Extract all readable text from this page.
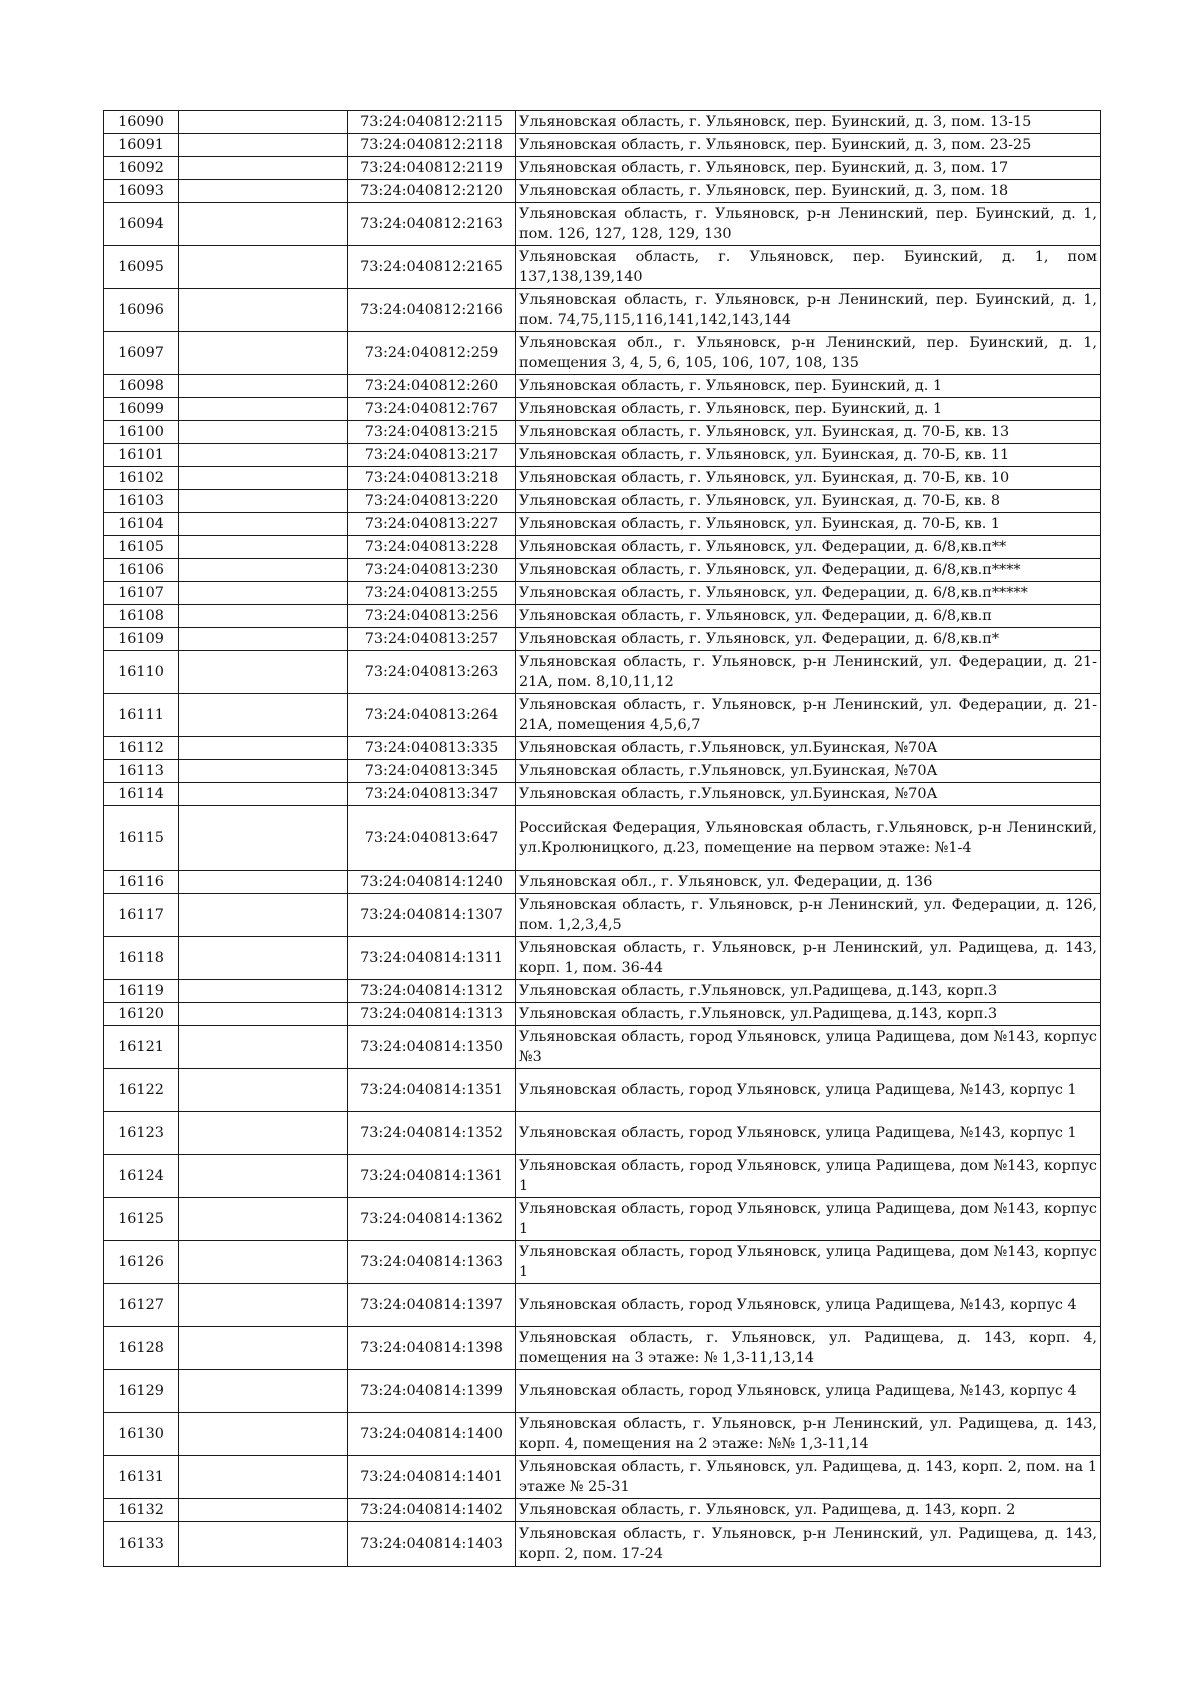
16090		73:24:040812:2115	Ульяновская область, г. Ульяновск, пер. Буинский, д. 3, пом. 13-15
16091		73:24:040812:2118	Ульяновская область, г. Ульяновск, пер. Буинский, д. 3, пом. 23-25
16092		73:24:040812:2119	Ульяновская область, г. Ульяновск, пер. Буинский, д. 3, пом. 17
16093		73:24:040812:2120	Ульяновская область, г. Ульяновск, пер. Буинский, д. 3, пом. 18
16094		73:24:040812:2163	Ульяновская область, г. Ульяновск, р-н Ленинский, пер. Буинский, д. 1, пом. 126, 127, 128, 129, 130
16095		73:24:040812:2165	Ульяновская область, г. Ульяновск, пер. Буинский, д. 1, пом 137,138,139,140
16096		73:24:040812:2166	Ульяновская область, г. Ульяновск, р-н Ленинский, пер. Буинский, д. 1, пом. 74,75,115,116,141,142,143,144
16097		73:24:040812:259	Ульяновская обл., г. Ульяновск, р-н Ленинский, пер. Буинский, д. 1, помещения 3, 4, 5, 6, 105, 106, 107, 108, 135
16098		73:24:040812:260	Ульяновская область, г. Ульяновск, пер. Буинский, д. 1
16099		73:24:040812:767	Ульяновская область, г. Ульяновск, пер. Буинский, д. 1
16100		73:24:040813:215	Ульяновская область, г. Ульяновск, ул. Буинская, д. 70-Б, кв. 13
16101		73:24:040813:217	Ульяновская область, г. Ульяновск, ул. Буинская, д. 70-Б, кв. 11
16102		73:24:040813:218	Ульяновская область, г. Ульяновск, ул. Буинская, д. 70-Б, кв. 10
16103		73:24:040813:220	Ульяновская область, г. Ульяновск, ул. Буинская, д. 70-Б, кв. 8
16104		73:24:040813:227	Ульяновская область, г. Ульяновск, ул. Буинская, д. 70-Б, кв. 1
16105		73:24:040813:228	Ульяновская область, г. Ульяновск, ул. Федерации, д. 6/8,кв.п**
16106		73:24:040813:230	Ульяновская область, г. Ульяновск, ул. Федерации, д. 6/8,кв.п****
16107		73:24:040813:255	Ульяновская область, г. Ульяновск, ул. Федерации, д. 6/8,кв.п*****
16108		73:24:040813:256	Ульяновская область, г. Ульяновск, ул. Федерации, д. 6/8,кв.п
16109		73:24:040813:257	Ульяновская область, г. Ульяновск, ул. Федерации, д. 6/8,кв.п*
16110		73:24:040813:263	Ульяновская область, г. Ульяновск, р-н Ленинский, ул. Федерации, д. 21-21А, пом. 8,10,11,12
16111		73:24:040813:264	Ульяновская область, г. Ульяновск, р-н Ленинский, ул. Федерации, д. 21-21А, помещения 4,5,6,7
16112		73:24:040813:335	Ульяновская область, г.Ульяновск, ул.Буинская, №70А
16113		73:24:040813:345	Ульяновская область, г.Ульяновск, ул.Буинская, №70А
16114		73:24:040813:347	Ульяновская область, г.Ульяновск, ул.Буинская, №70А
16115		73:24:040813:647	Российская Федерация, Ульяновская область, г.Ульяновск, р-н Ленинский, ул.Кролюницкого, д.23, помещение на первом этаже: №1-4
16116		73:24:040814:1240	Ульяновская обл., г. Ульяновск, ул. Федерации, д. 136
16117		73:24:040814:1307	Ульяновская область, г. Ульяновск, р-н Ленинский, ул. Федерации, д. 126, пом. 1,2,3,4,5
16118		73:24:040814:1311	Ульяновская область, г. Ульяновск, р-н Ленинский, ул. Радищева, д. 143, корп. 1, пом. 36-44
16119		73:24:040814:1312	Ульяновская область, г.Ульяновск, ул.Радищева, д.143, корп.3
16120		73:24:040814:1313	Ульяновская область, г.Ульяновск, ул.Радищева, д.143, корп.3
16121		73:24:040814:1350	Ульяновская область, город Ульяновск, улица Радищева, дом №143, корпус №3
16122		73:24:040814:1351	Ульяновская область, город Ульяновск, улица Радищева, №143, корпус 1
16123		73:24:040814:1352	Ульяновская область, город Ульяновск, улица Радищева, №143, корпус 1
16124		73:24:040814:1361	Ульяновская область, город Ульяновск, улица Радищева, дом №143, корпус 1
16125		73:24:040814:1362	Ульяновская область, город Ульяновск, улица Радищева, дом №143, корпус 1
16126		73:24:040814:1363	Ульяновская область, город Ульяновск, улица Радищева, дом №143, корпус 1
16127		73:24:040814:1397	Ульяновская область, город Ульяновск, улица Радищева, №143, корпус 4
16128		73:24:040814:1398	Ульяновская область, г. Ульяновск, ул. Радищева, д. 143, корп. 4, помещения на 3 этаже: № 1,3-11,13,14
16129		73:24:040814:1399	Ульяновская область, город Ульяновск, улица Радищева, №143, корпус 4
16130		73:24:040814:1400	Ульяновская область, г. Ульяновск, р-н Ленинский, ул. Радищева, д. 143, корп. 4, помещения на 2 этаже: №№ 1,3-11,14
16131		73:24:040814:1401	Ульяновская область, г. Ульяновск, ул. Радищева, д. 143, корп. 2, пом. на 1 этаже № 25-31
16132		73:24:040814:1402	Ульяновская область, г. Ульяновск, ул. Радищева, д. 143, корп. 2
16133		73:24:040814:1403	Ульяновская область, г. Ульяновск, р-н Ленинский, ул. Радищева, д. 143, корп. 2, пом. 17-24
